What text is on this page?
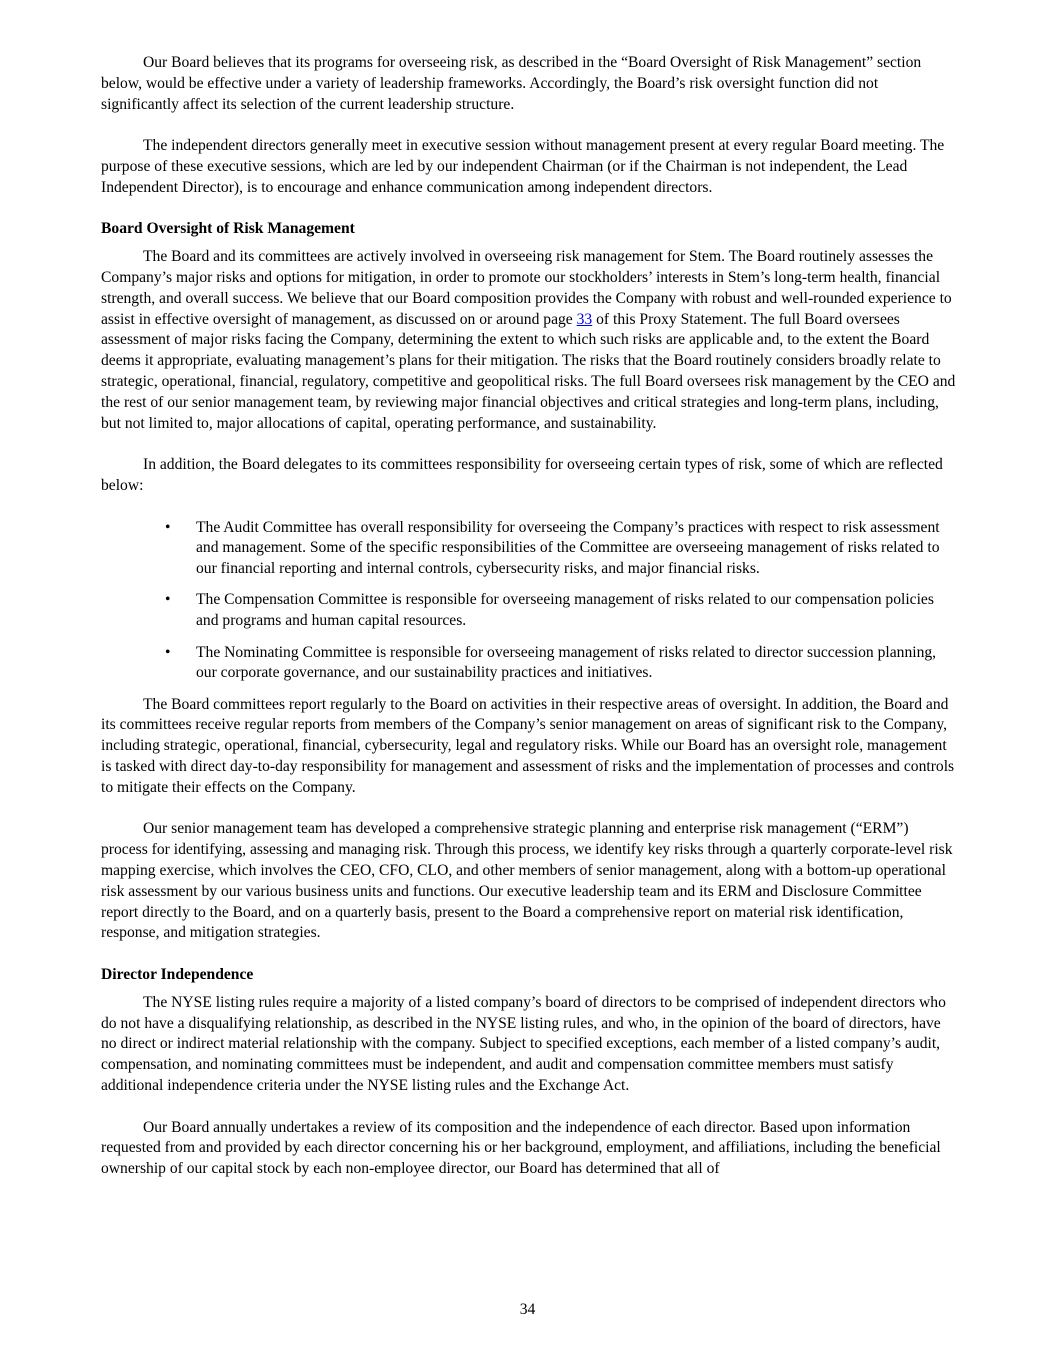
Our Board believes that its programs for overseeing risk, as described in the “Board Oversight of Risk Management” section below, would be effective under a variety of leadership frameworks. Accordingly, the Board’s risk oversight function did not significantly affect its selection of the current leadership structure.

The independent directors generally meet in executive session without management present at every regular Board meeting. The purpose of these executive sessions, which are led by our independent Chairman (or if the Chairman is not independent, the Lead Independent Director), is to encourage and enhance communication among independent directors.

Board Oversight of Risk Management

The Board and its committees are actively involved in overseeing risk management for Stem. The Board routinely assesses the Company’s major risks and options for mitigation, in order to promote our stockholders’ interests in Stem’s long-term health, financial strength, and overall success. We believe that our Board composition provides the Company with robust and well-rounded experience to assist in effective oversight of management, as discussed on or around page 33 of this Proxy Statement. The full Board oversees assessment of major risks facing the Company, determining the extent to which such risks are applicable and, to the extent the Board deems it appropriate, evaluating management’s plans for their mitigation. The risks that the Board routinely considers broadly relate to strategic, operational, financial, regulatory, competitive and geopolitical risks. The full Board oversees risk management by the CEO and the rest of our senior management team, by reviewing major financial objectives and critical strategies and long-term plans, including, but not limited to, major allocations of capital, operating performance, and sustainability.

In addition, the Board delegates to its committees responsibility for overseeing certain types of risk, some of which are reflected below:

• The Audit Committee has overall responsibility for overseeing the Company’s practices with respect to risk assessment and management. Some of the specific responsibilities of the Committee are overseeing management of risks related to our financial reporting and internal controls, cybersecurity risks, and major financial risks.
• The Compensation Committee is responsible for overseeing management of risks related to our compensation policies and programs and human capital resources.
• The Nominating Committee is responsible for overseeing management of risks related to director succession planning, our corporate governance, and our sustainability practices and initiatives.

The Board committees report regularly to the Board on activities in their respective areas of oversight. In addition, the Board and its committees receive regular reports from members of the Company’s senior management on areas of significant risk to the Company, including strategic, operational, financial, cybersecurity, legal and regulatory risks. While our Board has an oversight role, management is tasked with direct day-to-day responsibility for management and assessment of risks and the implementation of processes and controls to mitigate their effects on the Company.

Our senior management team has developed a comprehensive strategic planning and enterprise risk management (“ERM”) process for identifying, assessing and managing risk. Through this process, we identify key risks through a quarterly corporate-level risk mapping exercise, which involves the CEO, CFO, CLO, and other members of senior management, along with a bottom-up operational risk assessment by our various business units and functions. Our executive leadership team and its ERM and Disclosure Committee report directly to the Board, and on a quarterly basis, present to the Board a comprehensive report on material risk identification, response, and mitigation strategies.

Director Independence

The NYSE listing rules require a majority of a listed company’s board of directors to be comprised of independent directors who do not have a disqualifying relationship, as described in the NYSE listing rules, and who, in the opinion of the board of directors, have no direct or indirect material relationship with the company. Subject to specified exceptions, each member of a listed company’s audit, compensation, and nominating committees must be independent, and audit and compensation committee members must satisfy additional independence criteria under the NYSE listing rules and the Exchange Act.

Our Board annually undertakes a review of its composition and the independence of each director. Based upon information requested from and provided by each director concerning his or her background, employment, and affiliations, including the beneficial ownership of our capital stock by each non-employee director, our Board has determined that all of

34
